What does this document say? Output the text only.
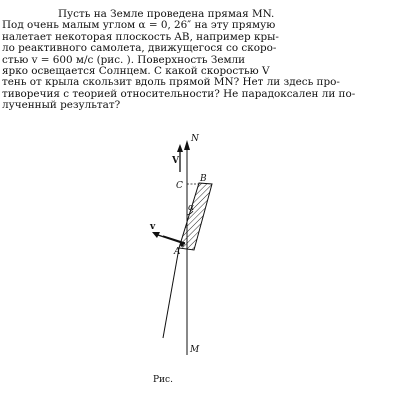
Пусть на Земле проведена прямая MN.
Под очень малым углом α = 0, 26″ на эту прямую
налетает некоторая плоскость AB, например кры-
ло реактивного самолета, движущегося со скоро-
стью v = 600 м/с (рис. ). Поверхность Земли
ярко освещается Солнцем. С какой скоростью V
тень от крыла скользит вдоль прямой MN? Нет ли здесь про-
тиворечия с теорией относительности? Не парадоксален ли по-
лученный результат?
N
M
B
C
A
α
V
v
Рис.
